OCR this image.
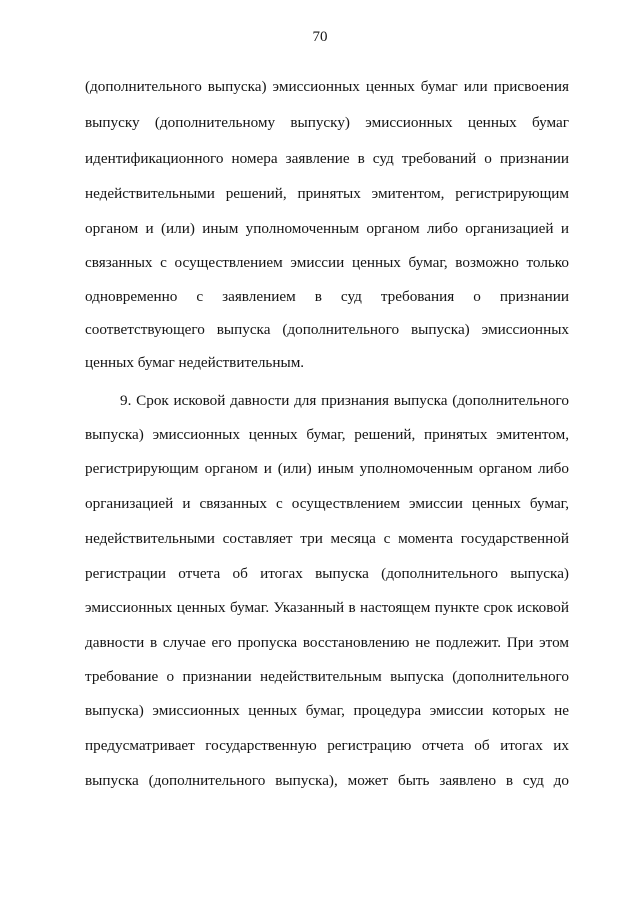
70
(дополнительного выпуска) эмиссионных ценных бумаг или присвоения
выпуску (дополнительному выпуску) эмиссионных ценных бумаг
идентификационного номера заявление в суд требований о признании
недействительными решений, принятых эмитентом, регистрирующим
органом и (или) иным уполномоченным органом либо организацией и
связанных с осуществлением эмиссии ценных бумаг, возможно только
одновременно с заявлением в суд требования о признании
соответствующего выпуска (дополнительного выпуска) эмиссионных
ценных бумаг недействительным.
9. Срок исковой давности для признания выпуска (дополнительного
выпуска) эмиссионных ценных бумаг, решений, принятых эмитентом,
регистрирующим органом и (или) иным уполномоченным органом либо
организацией и связанных с осуществлением эмиссии ценных бумаг,
недействительными составляет три месяца с момента государственной
регистрации отчета об итогах выпуска (дополнительного выпуска)
эмиссионных ценных бумаг. Указанный в настоящем пункте срок исковой
давности в случае его пропуска восстановлению не подлежит. При этом
требование о признании недействительным выпуска (дополнительного
выпуска) эмиссионных ценных бумаг, процедура эмиссии которых не
предусматривает государственную регистрацию отчета об итогах их
выпуска (дополнительного выпуска), может быть заявлено в суд до
